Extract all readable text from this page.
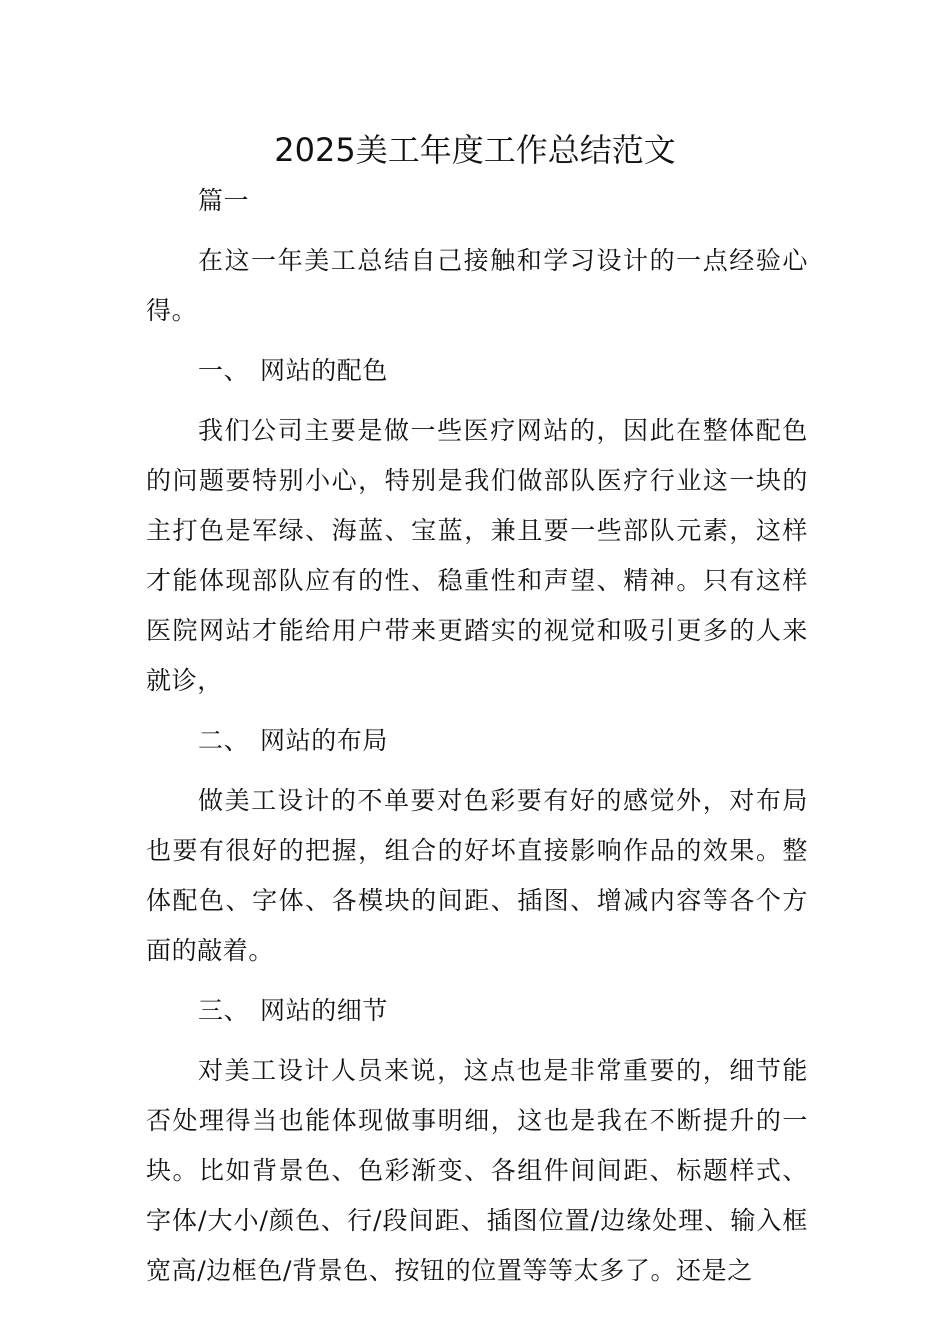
2025美工年度工作总结范文

篇一

在这一年美工总结自己接触和学习设计的一点经验心得。

一、 网站的配色

我们公司主要是做一些医疗网站的，因此在整体配色的问题要特别小心，特别是我们做部队医疗行业这一块的主打色是军绿、海蓝、宝蓝，兼且要一些部队元素，这样才能体现部队应有的性、稳重性和声望、精神。只有这样医院网站才能给用户带来更踏实的视觉和吸引更多的人来就诊，

二、 网站的布局

做美工设计的不单要对色彩要有好的感觉外，对布局也要有很好的把握，组合的好坏直接影响作品的效果。整体配色、字体、各模块的间距、插图、增减内容等各个方面的敲着。

三、 网站的细节

对美工设计人员来说，这点也是非常重要的，细节能否处理得当也能体现做事明细，这也是我在不断提升的一块。比如背景色、色彩渐变、各组件间间距、标题样式、字体/大小/颜色、行/段间距、插图位置/边缘处理、输入框宽高/边框色/背景色、按钮的位置等等太多了。还是之
